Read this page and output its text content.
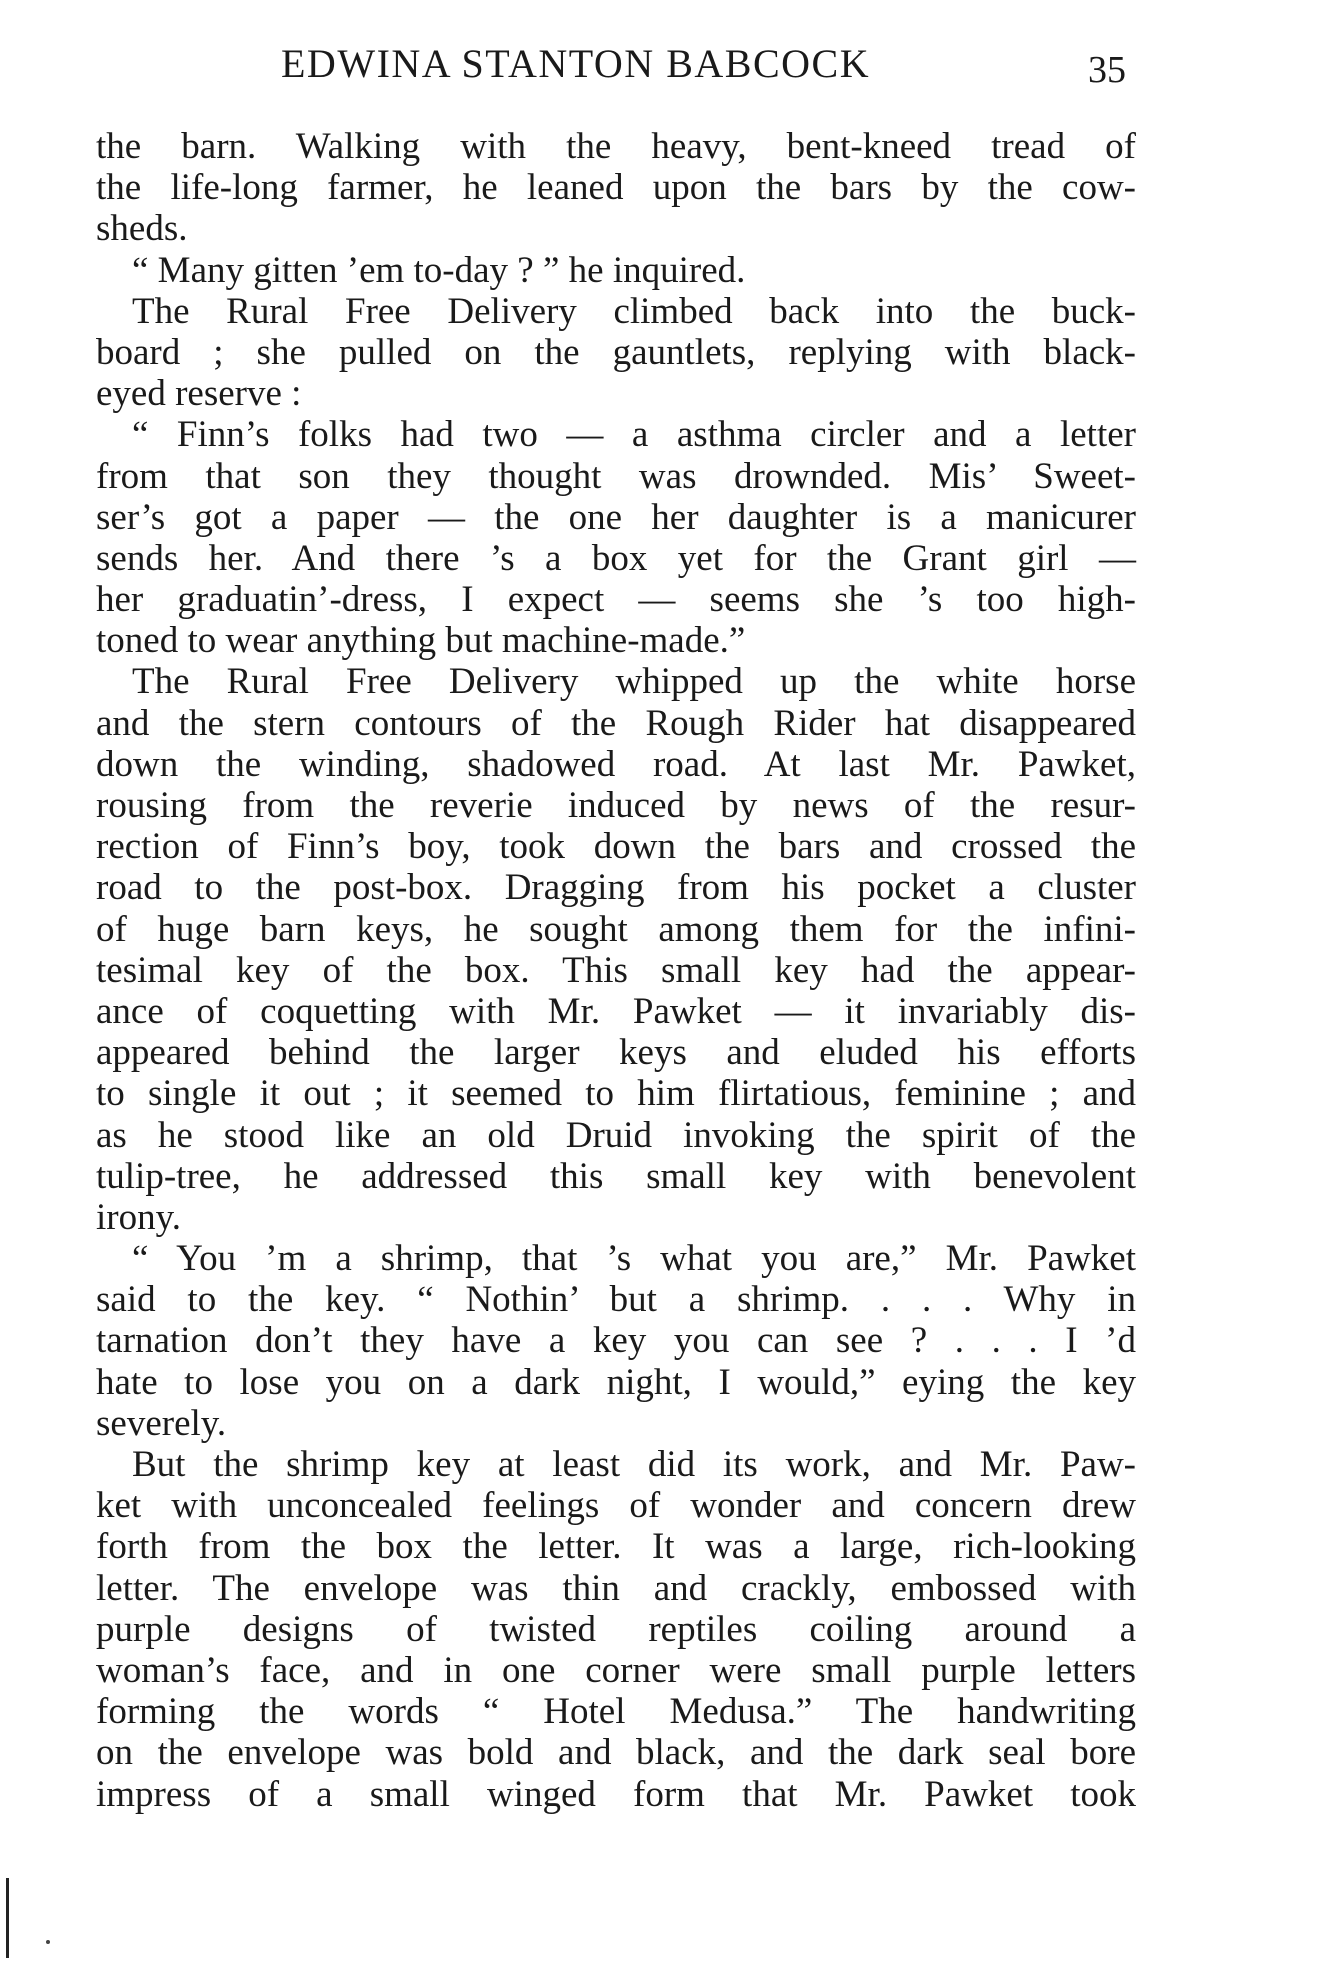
EDWINA STANTON BABCOCK	35
the barn. Walking with the heavy, bent-kneed tread of
the life-long farmer, he leaned upon the bars by the cow-
sheds.
“ Many gitten ’em to-day ? ” he inquired.
The Rural Free Delivery climbed back into the buck-
board ; she pulled on the gauntlets, replying with black-
eyed reserve :
“ Finn’s folks had two — a asthma circler and a letter
from that son they thought was drownded. Mis’ Sweet-
ser’s got a paper — the one her daughter is a manicurer
sends her. And there ’s a box yet for the Grant girl —
her graduatin’-dress, I expect — seems she ’s too high-
toned to wear anything but machine-made.”
The Rural Free Delivery whipped up the white horse
and the stern contours of the Rough Rider hat disappeared
down the winding, shadowed road. At last Mr. Pawket,
rousing from the reverie induced by news of the resur-
rection of Finn’s boy, took down the bars and crossed the
road to the post-box. Dragging from his pocket a cluster
of huge barn keys, he sought among them for the infini-
tesimal key of the box. This small key had the appear-
ance of coquetting with Mr. Pawket — it invariably dis-
appeared behind the larger keys and eluded his efforts
to single it out ; it seemed to him flirtatious, feminine ; and
as he stood like an old Druid invoking the spirit of the
tulip-tree, he addressed this small key with benevolent
irony.
“ You ’m a shrimp, that ’s what you are,” Mr. Pawket
said to the key. “ Nothin’ but a shrimp. . . . Why in
tarnation don’t they have a key you can see ? . . . I ’d
hate to lose you on a dark night, I would,” eying the key
severely.
But the shrimp key at least did its work, and Mr. Paw-
ket with unconcealed feelings of wonder and concern drew
forth from the box the letter. It was a large, rich-looking
letter. The envelope was thin and crackly, embossed with
purple designs of twisted reptiles coiling around a
woman’s face, and in one corner were small purple letters
forming the words “ Hotel Medusa.” The handwriting
on the envelope was bold and black, and the dark seal bore
impress of a small winged form that Mr. Pawket took
